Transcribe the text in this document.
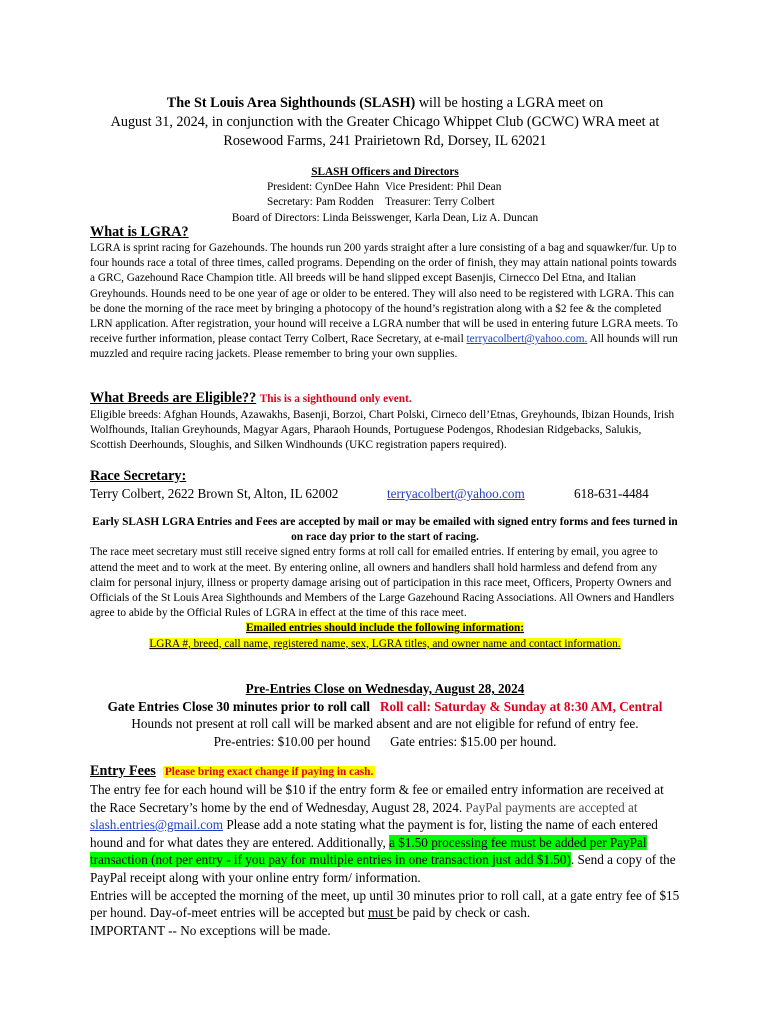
The St Louis Area Sighthounds (SLASH) will be hosting a LGRA meet on
August 31, 2024, in conjunction with the Greater Chicago Whippet Club (GCWC) WRA meet at
Rosewood Farms, 241 Prairietown Rd, Dorsey, IL 62021
SLASH Officers and Directors
President: CynDee Hahn Vice President: Phil Dean
Secretary: Pam Rodden	Treasurer: Terry Colbert
Board of Directors: Linda Beisswenger, Karla Dean, Liz A. Duncan
What is LGRA?
LGRA is sprint racing for Gazehounds. The hounds run 200 yards straight after a lure consisting of a bag and squawker/fur. Up to four hounds race a total of three times, called programs. Depending on the order of finish, they may attain national points towards a GRC, Gazehound Race Champion title. All breeds will be hand slipped except Basenjis, Cirnecco Del Etna, and Italian Greyhounds. Hounds need to be one year of age or older to be entered. They will also need to be registered with LGRA. This can be done the morning of the race meet by bringing a photocopy of the hound’s registration along with a $2 fee & the completed LRN application. After registration, your hound will receive a LGRA number that will be used in entering future LGRA meets. To receive further information, please contact Terry Colbert, Race Secretary, at e-mail terryacolbert@yahoo.com. All hounds will run muzzled and require racing jackets. Please remember to bring your own supplies.
What Breeds are Eligible?? This is a sighthound only event.
Eligible breeds: Afghan Hounds, Azawakhs, Basenji, Borzoi, Chart Polski, Cirneco dell’Etnas, Greyhounds, Ibizan Hounds, Irish Wolfhounds, Italian Greyhounds, Magyar Agars, Pharaoh Hounds, Portuguese Podengos, Rhodesian Ridgebacks, Salukis, Scottish Deerhounds, Sloughis, and Silken Windhounds (UKC registration papers required).
Race Secretary:
Terry Colbert, 2622 Brown St, Alton, IL 62002	terryacolbert@yahoo.com	618-631-4484
Early SLASH LGRA Entries and Fees are accepted by mail or may be emailed with signed entry forms and fees turned in on race day prior to the start of racing.
The race meet secretary must still receive signed entry forms at roll call for emailed entries. If entering by email, you agree to attend the meet and to work at the meet. By entering online, all owners and handlers shall hold harmless and defend from any claim for personal injury, illness or property damage arising out of participation in this race meet, Officers, Property Owners and Officials of the St Louis Area Sighthounds and Members of the Large Gazehound Racing Associations. All Owners and Handlers agree to abide by the Official Rules of LGRA in effect at the time of this race meet.
Emailed entries should include the following information:
LGRA #, breed, call name, registered name, sex, LGRA titles, and owner name and contact information.
Pre-Entries Close on Wednesday, August 28, 2024
Gate Entries Close 30 minutes prior to roll call Roll call: Saturday & Sunday at 8:30 AM, Central
Hounds not present at roll call will be marked absent and are not eligible for refund of entry fee.
Pre-entries: $10.00 per hound Gate entries: $15.00 per hound.
Entry Fees Please bring exact change if paying in cash.
The entry fee for each hound will be $10 if the entry form & fee or emailed entry information are received at the Race Secretary’s home by the end of Wednesday, August 28, 2024. PayPal payments are accepted at slash.entries@gmail.com Please add a note stating what the payment is for, listing the name of each entered hound and for what dates they are entered. Additionally, a $1.50 processing fee must be added per PayPal transaction (not per entry - if you pay for multiple entries in one transaction just add $1.50). Send a copy of the PayPal receipt along with your online entry form/ information.
Entries will be accepted the morning of the meet, up until 30 minutes prior to roll call, at a gate entry fee of $15 per hound. Day-of-meet entries will be accepted but must be paid by check or cash.
IMPORTANT -- No exceptions will be made.
